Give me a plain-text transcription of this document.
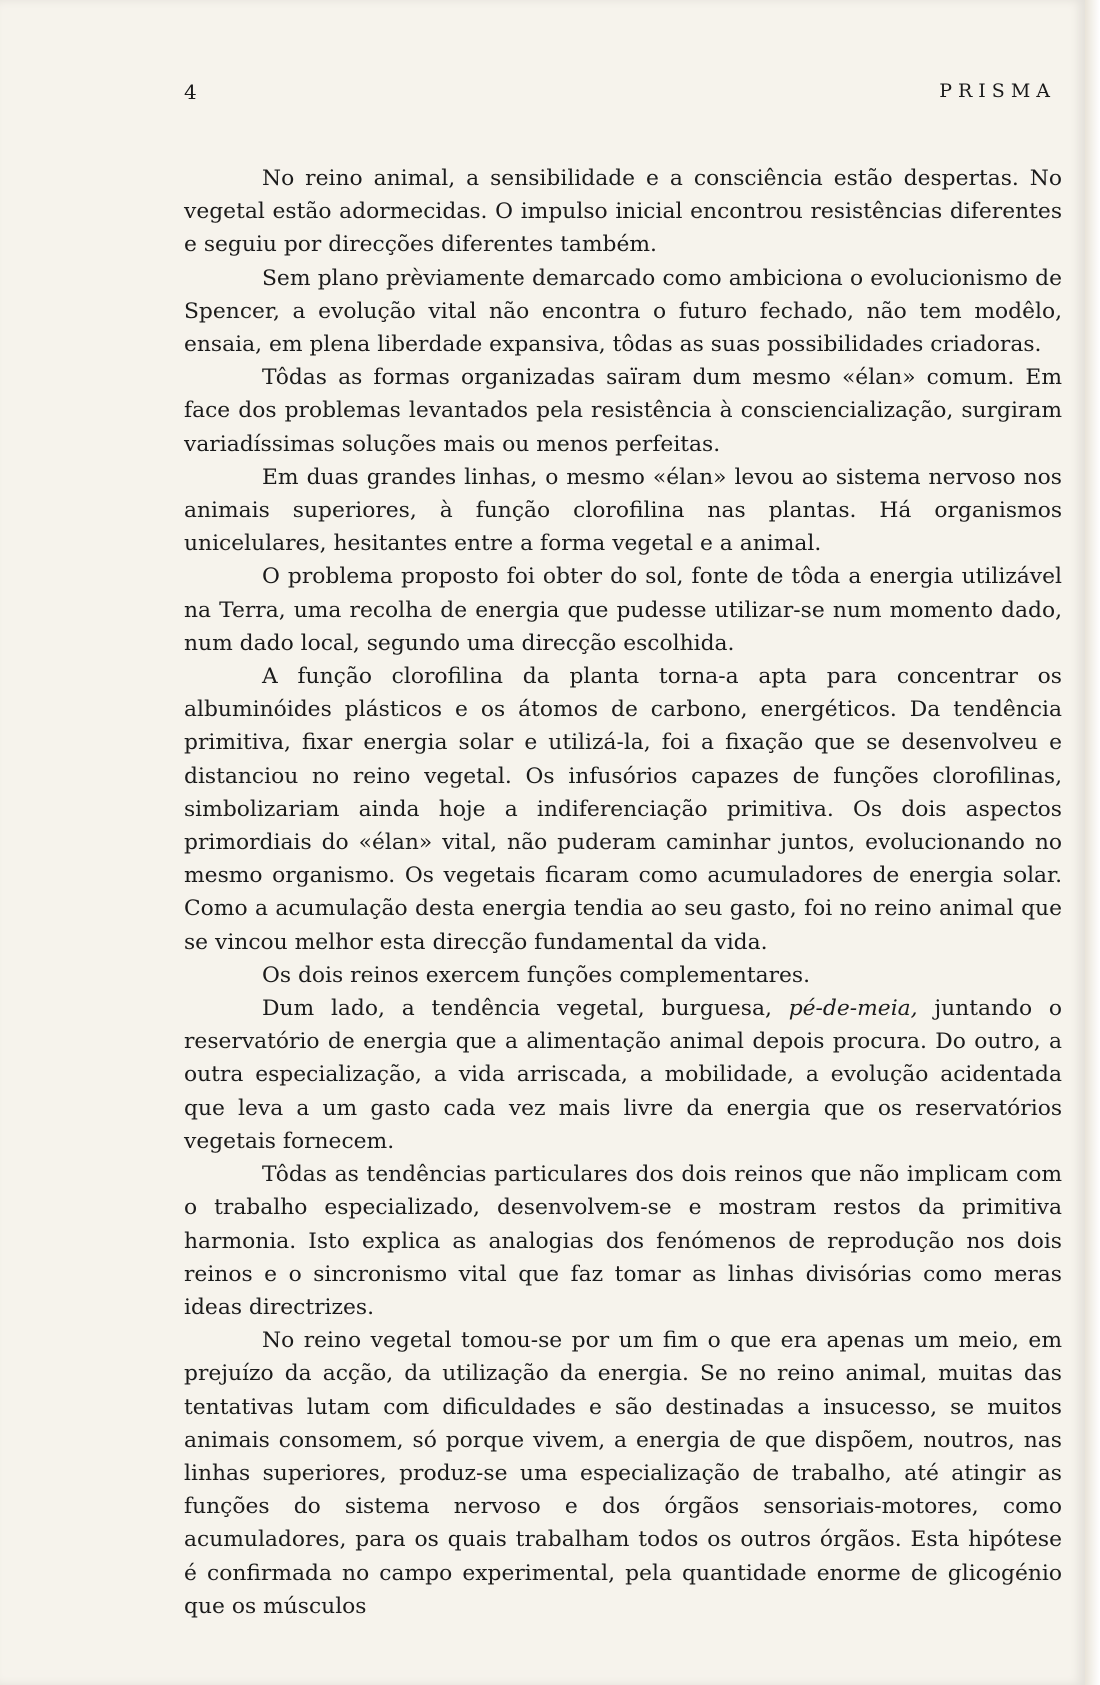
4	PRISMA

No reino animal, a sensibilidade e a consciência estão despertas. No vegetal estão adormecidas. O impulso inicial encontrou resistências diferentes e seguiu por direcções diferentes também.

Sem plano prèviamente demarcado como ambiciona o evolucionismo de Spencer, a evolução vital não encontra o futuro fechado, não tem modêlo, ensaia, em plena liberdade expansiva, tôdas as suas possibilidades criadoras.

Tôdas as formas organizadas saïram dum mesmo «élan» comum. Em face dos problemas levantados pela resistência à consciencialização, surgiram variadíssimas soluções mais ou menos perfeitas.

Em duas grandes linhas, o mesmo «élan» levou ao sistema nervoso nos animais superiores, à função clorofilina nas plantas. Há organismos unicelulares, hesitantes entre a forma vegetal e a animal.

O problema proposto foi obter do sol, fonte de tôda a energia utilizável na Terra, uma recolha de energia que pudesse utilizar-se num momento dado, num dado local, segundo uma direcção escolhida.

A função clorofilina da planta torna-a apta para concentrar os albuminóides plásticos e os átomos de carbono, energéticos. Da tendência primitiva, fixar energia solar e utilizá-la, foi a fixação que se desenvolveu e distanciou no reino vegetal. Os infusórios capazes de funções clorofilinas, simbolizariam ainda hoje a indiferenciação primitiva. Os dois aspectos primordiais do «élan» vital, não puderam caminhar juntos, evolucionando no mesmo organismo. Os vegetais ficaram como acumuladores de energia solar. Como a acumulação desta energia tendia ao seu gasto, foi no reino animal que se vincou melhor esta direcção fundamental da vida.

Os dois reinos exercem funções complementares.

Dum lado, a tendência vegetal, burguesa, pé-de-meia, juntando o reservatório de energia que a alimentação animal depois procura. Do outro, a outra especialização, a vida arriscada, a mobilidade, a evolução acidentada que leva a um gasto cada vez mais livre da energia que os reservatórios vegetais fornecem.

Tôdas as tendências particulares dos dois reinos que não implicam com o trabalho especializado, desenvolvem-se e mostram restos da primitiva harmonia. Isto explica as analogias dos fenómenos de reprodução nos dois reinos e o sincronismo vital que faz tomar as linhas divisórias como meras ideas directrizes.

No reino vegetal tomou-se por um fim o que era apenas um meio, em prejuízo da acção, da utilização da energia. Se no reino animal, muitas das tentativas lutam com dificuldades e são destinadas a insucesso, se muitos animais consomem, só porque vivem, a energia de que dispõem, noutros, nas linhas superiores, produz-se uma especialização de trabalho, até atingir as funções do sistema nervoso e dos órgãos sensoriais-motores, como acumuladores, para os quais trabalham todos os outros órgãos. Esta hipótese é confirmada no campo experimental, pela quantidade enorme de glicogénio que os músculos
